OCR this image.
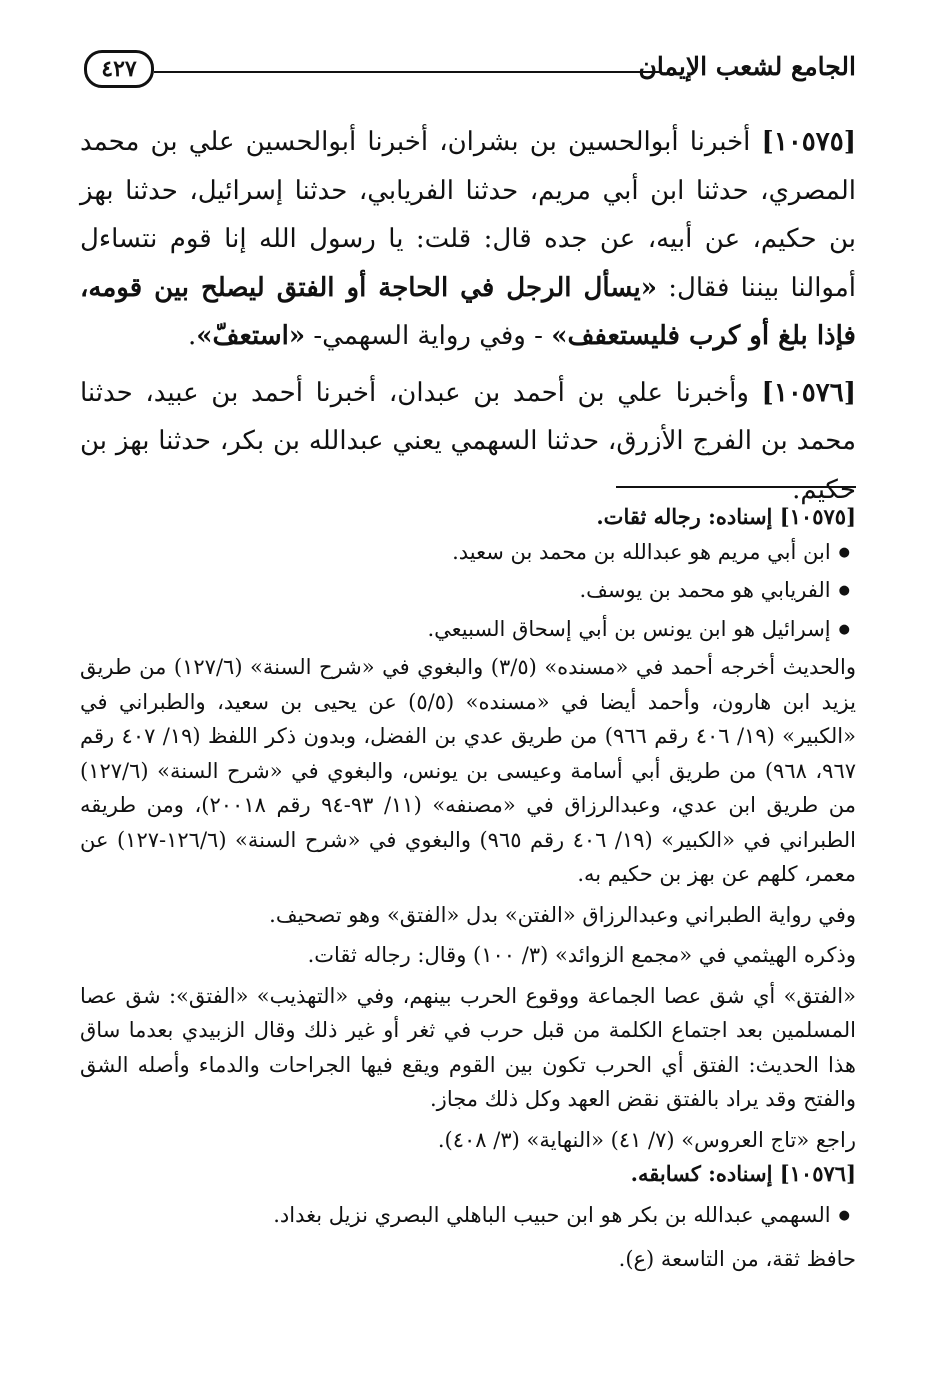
٤٢٧	الجامع لشعب الإيمان

[١٠٥٧٥] أخبرنا أبوالحسين بن بشران، أخبرنا أبوالحسين علي بن محمد المصري، حدثنا ابن أبي مريم، حدثنا الفريابي، حدثنا إسرائيل، حدثنا بهز بن حكيم، عن أبيه، عن جده قال: قلت: يا رسول الله إنا قوم نتساءل أموالنا بيننا فقال: «يسأل الرجل في الحاجة أو الفتق ليصلح بين قومه، فإذا بلغ أو كرب فليستعفف» - وفي رواية السهمي- «استعفّ».

[١٠٥٧٦] وأخبرنا علي بن أحمد بن عبدان، أخبرنا أحمد بن عبيد، حدثنا محمد بن الفرج الأزرق، حدثنا السهمي يعني عبدالله بن بكر، حدثنا بهز بن حكيم.

[١٠٥٧٥] إسناده: رجاله ثقات.

● ابن أبي مريم هو عبدالله بن محمد بن سعيد.

● الفريابي هو محمد بن يوسف.

● إسرائيل هو ابن يونس بن أبي إسحاق السبيعي.

والحديث أخرجه أحمد في «مسنده» (٣/٥) والبغوي في «شرح السنة» (١٢٧/٦) من طريق يزيد ابن هارون، وأحمد أيضا في «مسنده» (٥/٥) عن يحيى بن سعيد، والطبراني في «الكبير» (١٩/ ٤٠٦ رقم ٩٦٦) من طريق عدي بن الفضل، وبدون ذكر اللفظ (١٩/ ٤٠٧ رقم ٩٦٧، ٩٦٨) من طريق أبي أسامة وعيسى بن يونس، والبغوي في «شرح السنة» (١٢٧/٦) من طريق ابن عدي، وعبدالرزاق في «مصنفه» (١١/ ٩٣-٩٤ رقم ٢٠٠١٨)، ومن طريقه الطبراني في «الكبير» (١٩/ ٤٠٦ رقم ٩٦٥) والبغوي في «شرح السنة» (١٢٦/٦-١٢٧) عن معمر، كلهم عن بهز بن حكيم به.

وفي رواية الطبراني وعبدالرزاق «الفتن» بدل «الفتق» وهو تصحيف.

وذكره الهيثمي في «مجمع الزوائد» (٣/ ١٠٠) وقال: رجاله ثقات.

«الفتق» أي شق عصا الجماعة ووقوع الحرب بينهم، وفي «التهذيب» «الفتق»: شق عصا المسلمين بعد اجتماع الكلمة من قبل حرب في ثغر أو غير ذلك وقال الزبيدي بعدما ساق هذا الحديث: الفتق أي الحرب تكون بين القوم ويقع فيها الجراحات والدماء وأصله الشق والفتح وقد يراد بالفتق نقض العهد وكل ذلك مجاز.

راجع «تاج العروس» (٧/ ٤١) «النهاية» (٣/ ٤٠٨).

[١٠٥٧٦] إسناده: كسابقه.

● السهمي عبدالله بن بكر هو ابن حبيب الباهلي البصري نزيل بغداد.

حافظ ثقة، من التاسعة (ع).
